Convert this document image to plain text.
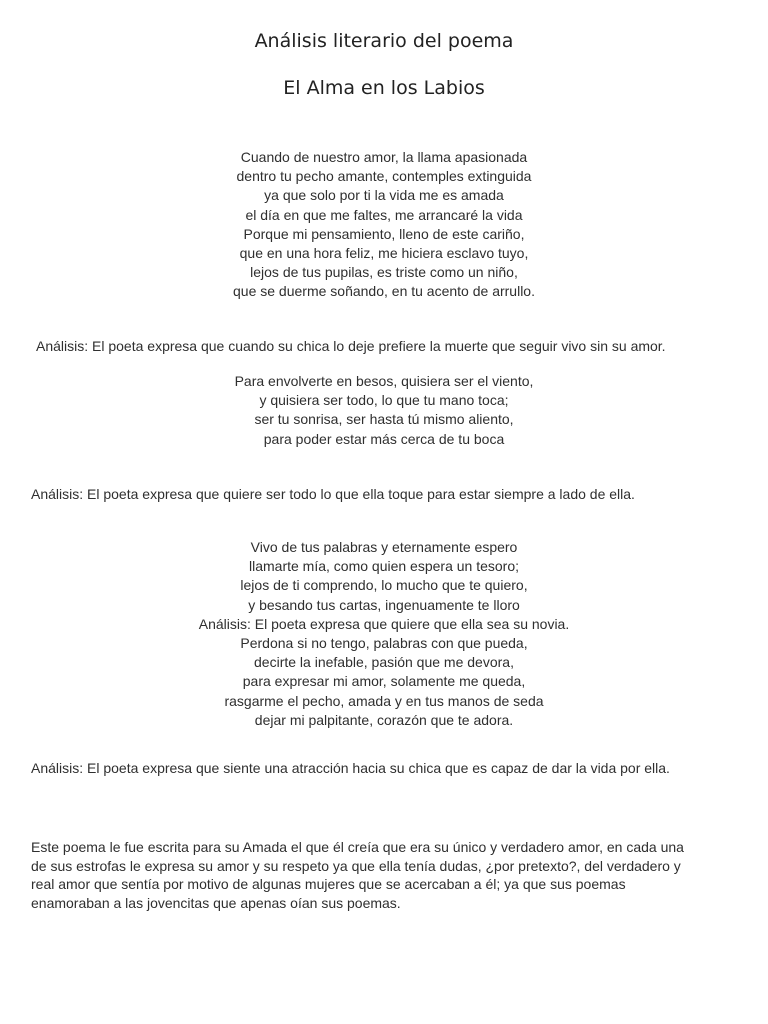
Análisis literario del poema
El Alma en los Labios
Cuando de nuestro amor, la llama apasionada
dentro tu pecho amante, contemples extinguida
ya que solo por ti la vida me es amada
el día en que me faltes, me arrancaré la vida
Porque mi pensamiento, lleno de este cariño,
que en una hora feliz, me hiciera esclavo tuyo,
lejos de tus pupilas, es triste como un niño,
que se duerme soñando, en tu acento de arrullo.
Análisis: El poeta expresa que cuando su chica lo deje prefiere la muerte que seguir vivo sin su amor.
Para envolverte en besos, quisiera ser el viento,
y quisiera ser todo, lo que tu mano toca;
ser tu sonrisa, ser hasta tú mismo aliento,
para poder estar más cerca de tu boca
Análisis: El poeta expresa que quiere ser todo lo que ella toque para estar siempre a lado de ella.
Vivo de tus palabras y eternamente espero
llamarte mía, como quien espera un tesoro;
lejos de ti comprendo, lo mucho que te quiero,
y besando tus cartas, ingenuamente te lloro
Análisis: El poeta expresa que quiere que ella sea su novia.
Perdona si no tengo, palabras con que pueda,
decirte la inefable, pasión que me devora,
para expresar mi amor, solamente me queda,
rasgarme el pecho, amada y en tus manos de seda
dejar mi palpitante, corazón que te adora.
Análisis: El poeta expresa que siente una atracción hacia su chica que es capaz de dar la vida por ella.
Este poema le fue escrita para su Amada el que él creía que era su único y verdadero amor, en cada una
de sus estrofas le expresa su amor y su respeto ya que ella tenía dudas, ¿por pretexto?, del verdadero y
real amor que sentía por motivo de algunas mujeres que se acercaban a él; ya que sus poemas
enamoraban a las jovencitas que apenas oían sus poemas.
